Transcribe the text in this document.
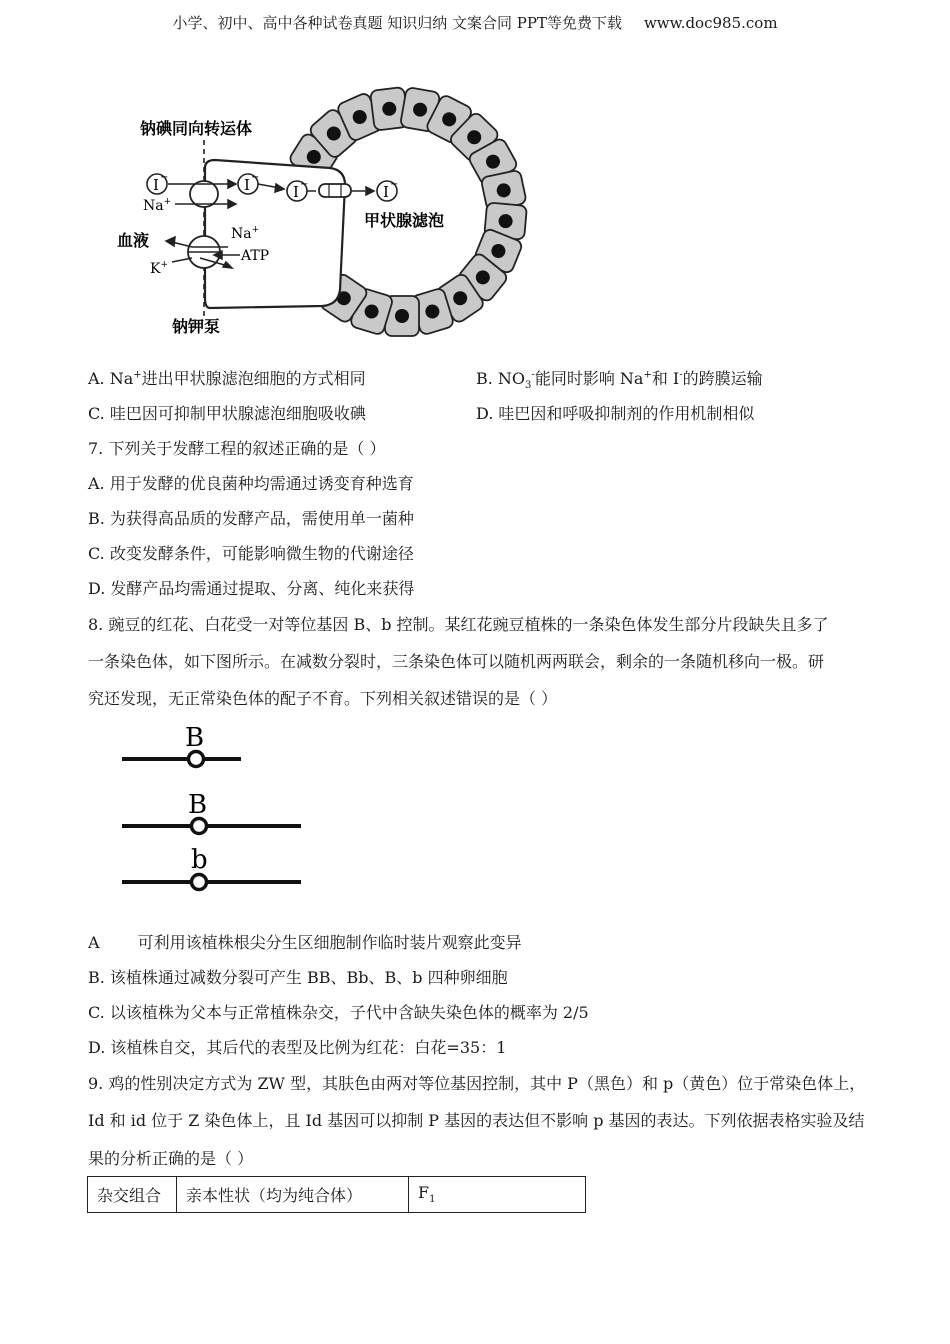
小学、初中、高中各种试卷真题 知识归纳 文案合同 PPT等免费下载 www.doc985.com
I −	I −
I −	I −
钠碘同向转运体
钠钾泵
血液
甲状腺滤泡
Na+
Na+
K+
ATP
A. Na+进出甲状腺滤泡细胞的方式相同	B. $NO_3^-$能同时影响 Na+和 I-的跨膜运输
C. 哇巴因可抑制甲状腺滤泡细胞吸收碘	D. 哇巴因和呼吸抑制剂的作用机制相似
7. 下列关于发酵工程的叙述正确的是（ ）
A. 用于发酵的优良菌种均需通过诱变育种选育
B. 为获得高品质的发酵产品，需使用单一菌种
C. 改变发酵条件，可能影响微生物的代谢途径
D. 发酵产品均需通过提取、分离、纯化来获得
8. 豌豆的红花、白花受一对等位基因 B、b 控制。某红花豌豆植株的一条染色体发生部分片段缺失且多了
一条染色体，如下图所示。在减数分裂时，三条染色体可以随机两两联会，剩余的一条随机移向一极。研
究还发现，无正常染色体的配子不育。下列相关叙述错误的是（ ）
B
B
b
A 可利用该植株根尖分生区细胞制作临时装片观察此变异
B. 该植株通过减数分裂可产生 BB、Bb、B、b 四种卵细胞
C. 以该植株为父本与正常植株杂交，子代中含缺失染色体的概率为 2/5
D. 该植株自交，其后代的表型及比例为红花：白花=35：1
9. 鸡的性别决定方式为 ZW 型，其肤色由两对等位基因控制，其中 P（黑色）和 p（黄色）位于常染色体上，
Id 和 id 位于 Z 染色体上，且 Id 基因可以抑制 P 基因的表达但不影响 p 基因的表达。下列依据表格实验及结
果的分析正确的是（ ）
杂交组合	亲本性状（均为纯合体）	$F_1$
